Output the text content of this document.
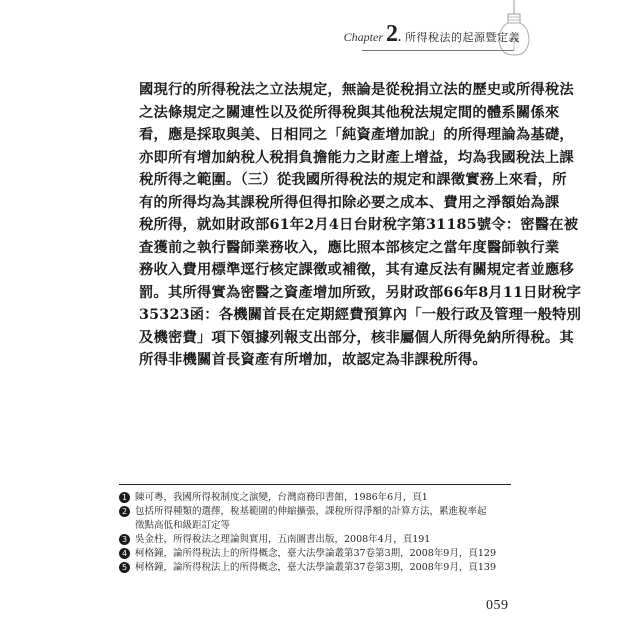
Chapter 2 . 所得稅法的起源暨定義
國現行的所得稅法之立法規定，無論是從稅捐立法的歷史或所得稅法
之法條規定之關連性以及從所得稅與其他稅法規定間的體系關係來
看，應是採取與美、日相同之「純資產增加說」的所得理論為基礎，
亦即所有增加納稅人稅捐負擔能力之財產上增益，均為我國稅法上課
稅所得之範圍。（三）從我國所得稅法的規定和課徵實務上來看，所
有的所得均為其課稅所得但得扣除必要之成本、費用之淨額始為課
稅所得，就如財政部61年2月4日台財稅字第31185號令：密醫在被
查獲前之執行醫師業務收入，應比照本部核定之當年度醫師執行業
務收入費用標準逕行核定課徵或補徵，其有違反法有關規定者並應移
罰。其所得實為密醫之資產增加所致，另財政部66年8月11日財稅字
35323函：各機關首長在定期經費預算內「一般行政及管理一般特別
及機密費」項下領據列報支出部分，核非屬個人所得免納所得稅。其
所得非機關首長資產有所增加，故認定為非課稅所得。
1 陳可粵，我國所得稅制度之演變，台灣商務印書館，1986年6月，頁1
2 包括所得種類的選擇，稅基範圍的伸縮擴張，課稅所得淨額的計算方法，累進稅率起
徵點高低和級距訂定等
3 吳金柱，所得稅法之理論與實用，五南圖書出版，2008年4月，頁191
4 柯格鐘，論所得稅法上的所得概念，臺大法學論叢第37卷第3期，2008年9月，頁129
5 柯格鐘，論所得稅法上的所得概念，臺大法學論叢第37卷第3期，2008年9月，頁139
059
